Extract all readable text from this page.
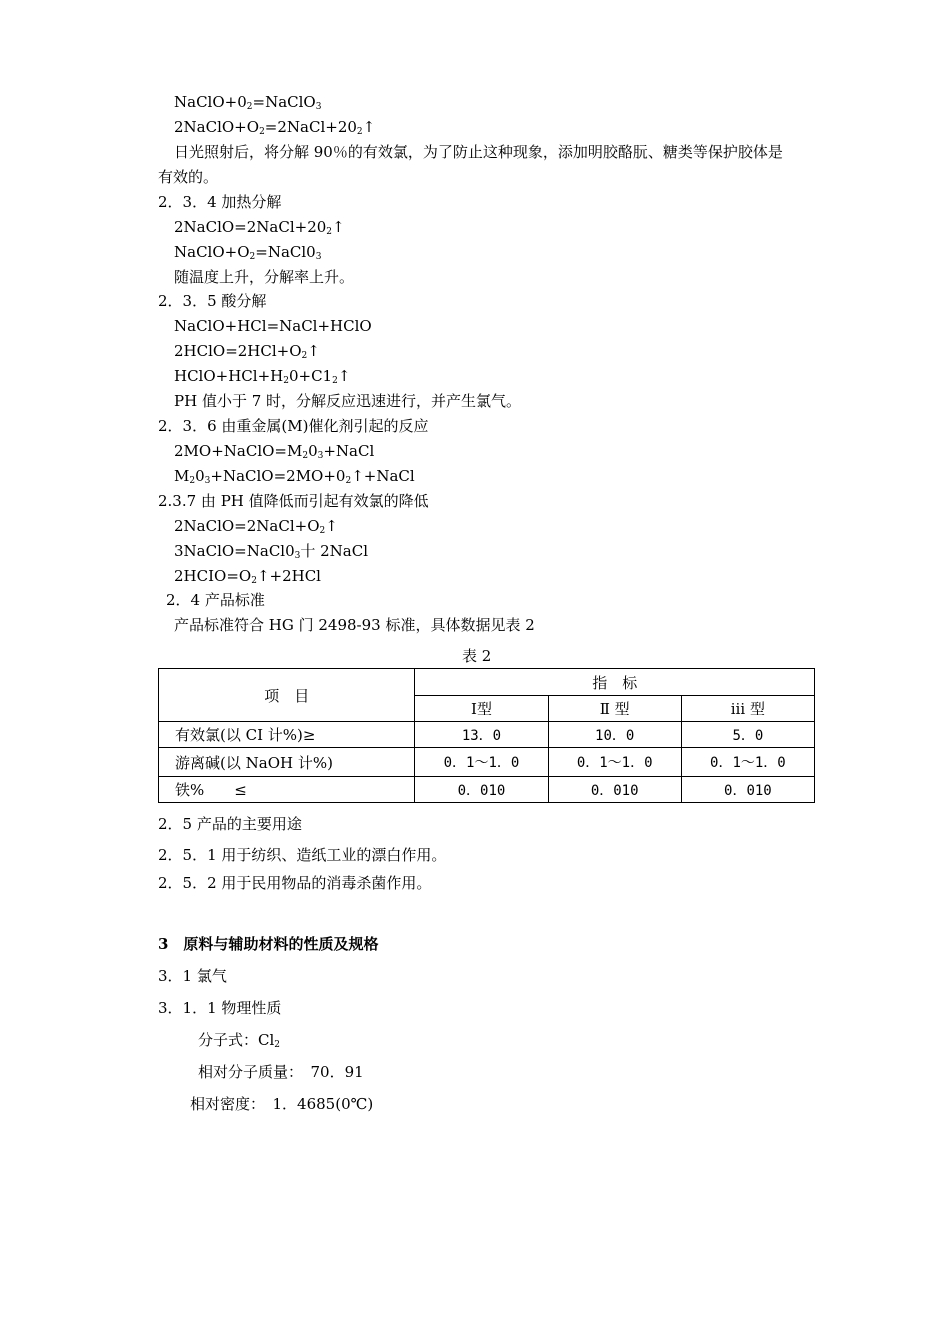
$NaClO+0_2=NaClO_3$
$2NaClO+O_2=2NaCl+20_2↑$
日光照射后，将分解 90％的有效氯，为了防止这种现象，添加明胶酪朊、糖类等保护胶体是
有效的。
2．3．4 加热分解
$2NaClO=2NaCl+20_2↑$
$NaClO+O_2=NaCl0_3$
随温度上升，分解率上升。
2．3．5 酸分解
NaClO+HCl=NaCl+HClO
$2HClO=2HCl+O_2↑$
$HClO+HCl+H_20+C1_2↑$
PH 值小于 7 时，分解反应迅速进行，并产生氯气。
2．3．6 由重金属(M)催化剂引起的反应
$2MO+NaClO=M_20_3+NaCl$
$M_20_3+NaClO=2MO+0_2↑+NaCl$
2.3.7 由 PH 值降低而引起有效氯的降低
$2NaClO=2NaCl+O_2↑$
$3NaClO=NaCl0_3$十 2NaCl
$2HCIO=O_2↑+2HCl$
2．4 产品标准
产品标准符合 HG 门 2498-93 标准，具体数据见表 2
表 2
项　目	指　标		
	Ⅰ型	Ⅱ 型	ⅲ 型
有效氯(以 CI 计%)≥	13．0	10．0	5．0
游离碱(以 NaOH 计%)	0．1～1．0	0．1～1．0	0．1～1．0
铁%　　≤	0．010	0．010	0．010
2．5 产品的主要用途
2．5．1 用于纺织、造纸工业的漂白作用。
2．5．2 用于民用物品的消毒杀菌作用。
3　原料与辅助材料的性质及规格
3．1 氯气
3．1．1 物理性质
分子式：$Cl_2$
相对分子质量：　70．91
相对密度：　1．4685(0℃)
